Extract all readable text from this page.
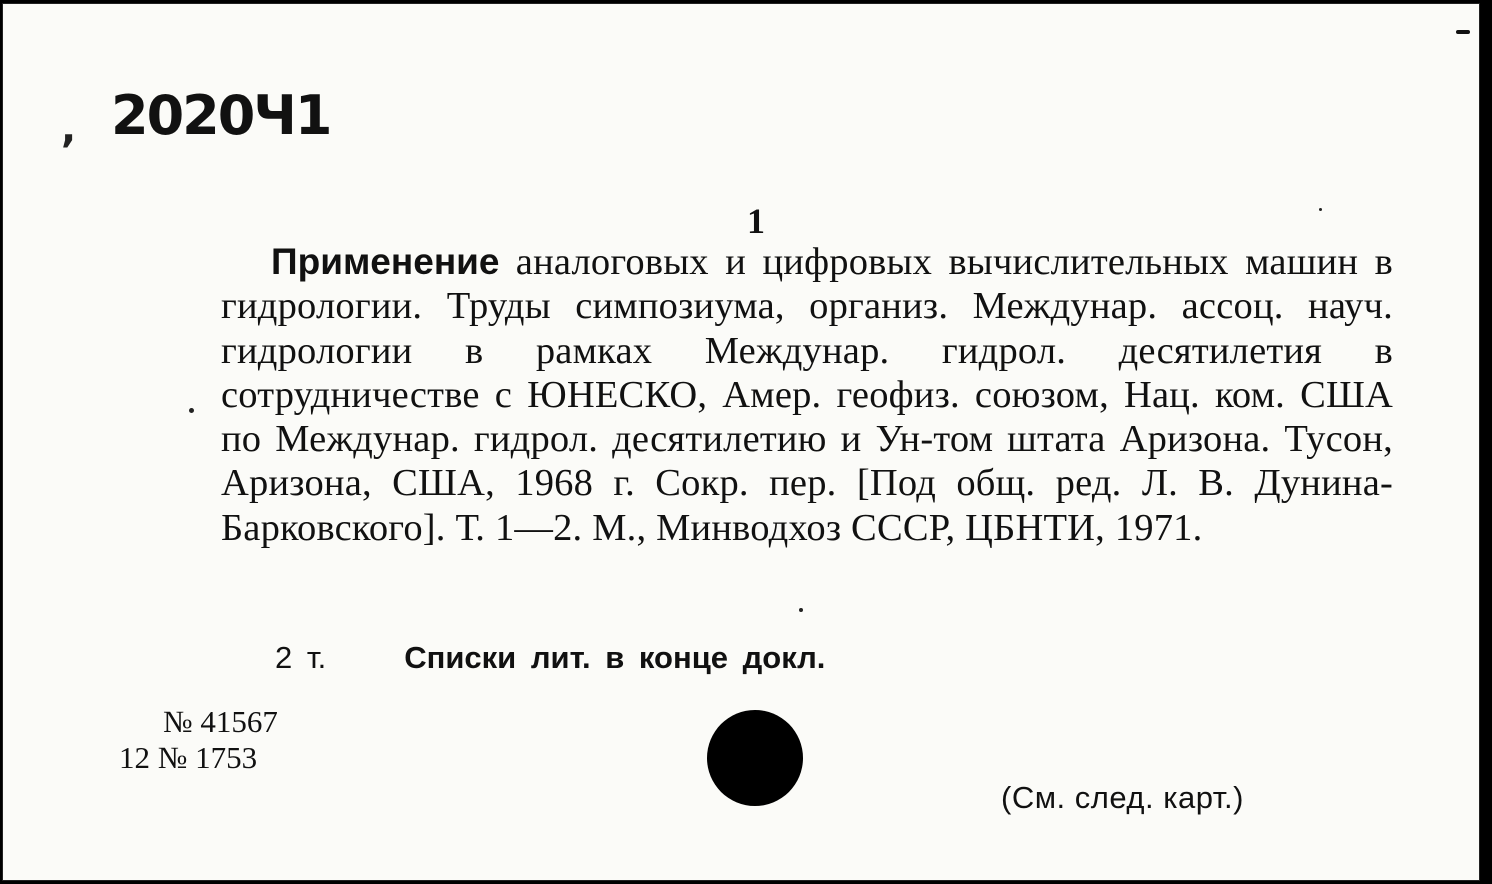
, 2020Ч1
1
Применение аналоговых и цифровых вычислительных машин в гидрологии. Труды симпозиума, организ. Междунар. ассоц. науч. гидрологии в рамках Междунар. гидрол. десятилетия в сотрудничестве с ЮНЕСКО, Амер. геофиз. союзом, Нац. ком. США по Междунар. гидрол. десятилетию и Ун-том штата Аризона. Тусон, Аризона, США, 1968 г. Сокр. пер. [Под общ. ред. Л. В. Дунина-Барковского]. Т. 1—2. М., Минводхоз СССР, ЦБНТИ, 1971.
2 т.	Списки лит. в конце докл.
№ 41567
12 № 1753
(См. след. карт.)
